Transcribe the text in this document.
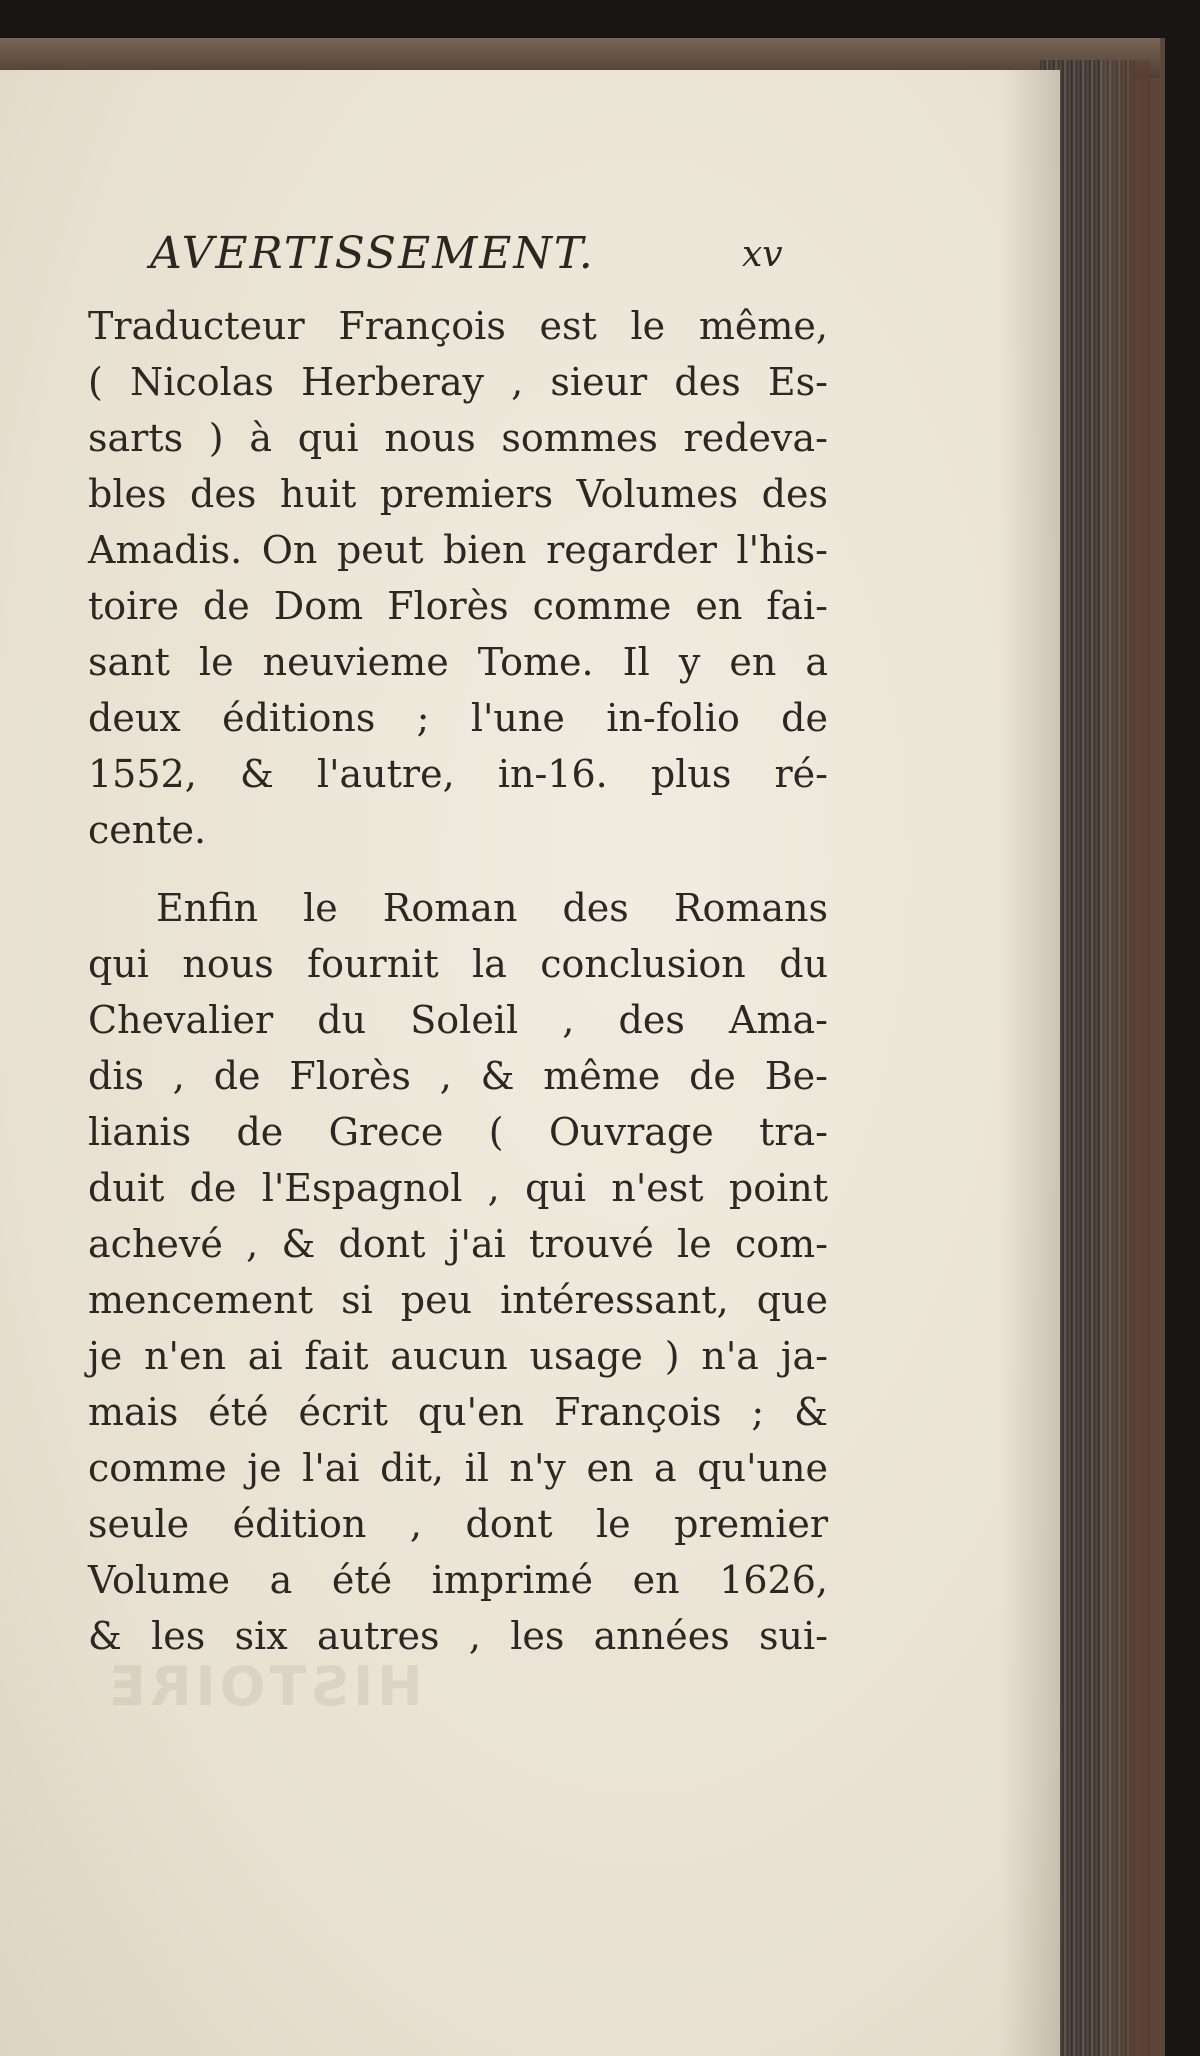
HISTOIRE
AVERTISSEMENT.	xv
Traducteur François est le même,
( Nicolas Herberay , sieur des Es-
sarts ) à qui nous sommes redeva-
bles des huit premiers Volumes des
Amadis. On peut bien regarder l'his-
toire de Dom Florès comme en fai-
sant le neuvieme Tome. Il y en a
deux éditions ; l'une in-folio de
1552, & l'autre, in-16. plus ré-
cente.
Enfin le Roman des Romans
qui nous fournit la conclusion du
Chevalier du Soleil , des Ama-
dis , de Florès , & même de Be-
lianis de Grece ( Ouvrage tra-
duit de l'Espagnol , qui n'est point
achevé , & dont j'ai trouvé le com-
mencement si peu intéressant, que
je n'en ai fait aucun usage ) n'a ja-
mais été écrit qu'en François ; &
comme je l'ai dit, il n'y en a qu'une
seule édition , dont le premier
Volume a été imprimé en 1626,
& les six autres , les années sui-
